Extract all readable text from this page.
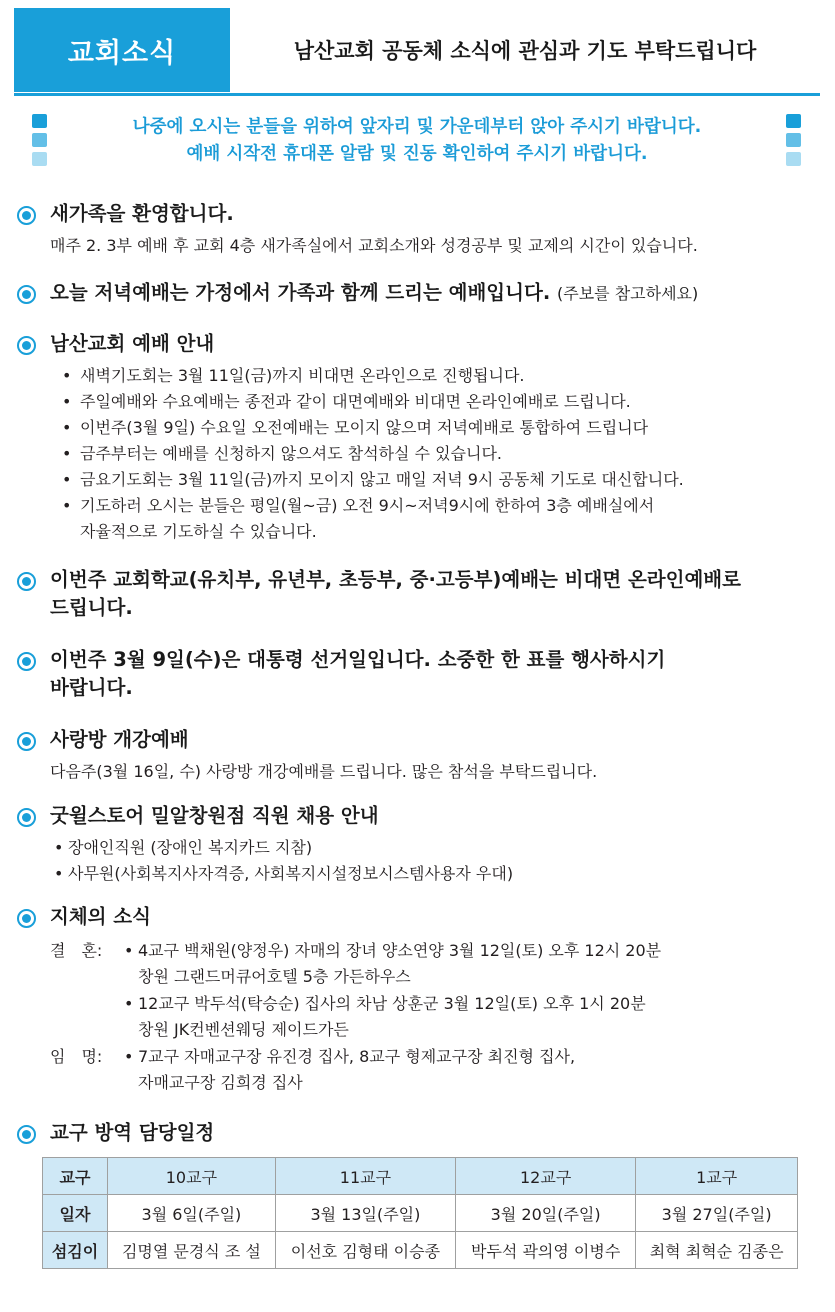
교회소식	남산교회 공동체 소식에 관심과 기도 부탁드립니다
나중에 오시는 분들을 위하여 앞자리 및 가운데부터 앉아 주시기 바랍니다.
예배 시작전 휴대폰 알람 및 진동 확인하여 주시기 바랍니다.
새가족을 환영합니다.
매주 2. 3부 예배 후 교회 4층 새가족실에서 교회소개와 성경공부 및 교제의 시간이 있습니다.
오늘 저녁예배는 가정에서 가족과 함께 드리는 예배입니다. (주보를 참고하세요)
남산교회 예배 안내
• 새벽기도회는 3월 11일(금)까지 비대면 온라인으로 진행됩니다.
• 주일예배와 수요예배는 종전과 같이 대면예배와 비대면 온라인예배로 드립니다.
• 이번주(3월 9일) 수요일 오전예배는 모이지 않으며 저녁예배로 통합하여 드립니다
• 금주부터는 예배를 신청하지 않으셔도 참석하실 수 있습니다.
• 금요기도회는 3월 11일(금)까지 모이지 않고 매일 저녁 9시 공동체 기도로 대신합니다.
• 기도하러 오시는 분들은 평일(월~금) 오전 9시~저녁9시에 한하여 3층 예배실에서
자율적으로 기도하실 수 있습니다.
이번주 교회학교(유치부, 유년부, 초등부, 중·고등부)예배는 비대면 온라인예배로
드립니다.
이번주 3월 9일(수)은 대통령 선거일입니다. 소중한 한 표를 행사하시기
바랍니다.
사랑방 개강예배
다음주(3월 16일, 수) 사랑방 개강예배를 드립니다. 많은 참석을 부탁드립니다.
굿윌스토어 밀알창원점 직원 채용 안내
• 장애인직원 (장애인 복지카드 지참)
• 사무원(사회복지사자격증, 사회복지시설정보시스템사용자 우대)
지체의 소식
결　혼: • 4교구 백채원(양정우) 자매의 장녀 양소연양 3월 12일(토) 오후 12시 20분
창원 그랜드머큐어호텔 5층 가든하우스
• 12교구 박두석(탁승순) 집사의 차남 상훈군 3월 12일(토) 오후 1시 20분
창원 JK컨벤션웨딩 제이드가든
임　명: • 7교구 자매교구장 유진경 집사, 8교구 형제교구장 최진형 집사,
자매교구장 김희경 집사
교구 방역 담당일정
교구	10교구	11교구	12교구	1교구
일자	3월 6일(주일)	3월 13일(주일)	3월 20일(주일)	3월 27일(주일)
섬김이	김명열 문경식 조 설	이선호 김형태 이승종	박두석 곽의영 이병수	최혁 최혁순 김종은
